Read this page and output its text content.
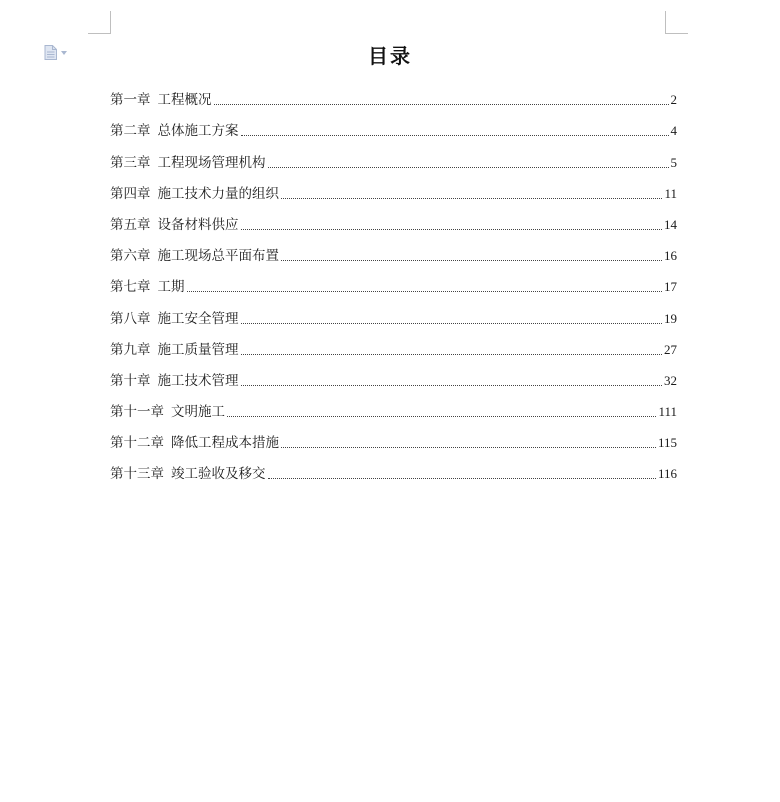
目录
第一章 工程概况	2
第二章 总体施工方案	4
第三章 工程现场管理机构	5
第四章 施工技术力量的组织	11
第五章 设备材料供应	14
第六章 施工现场总平面布置	16
第七章 工期	17
第八章 施工安全管理	19
第九章 施工质量管理	27
第十章 施工技术管理	32
第十一章 文明施工	111
第十二章 降低工程成本措施	115
第十三章 竣工验收及移交	116
